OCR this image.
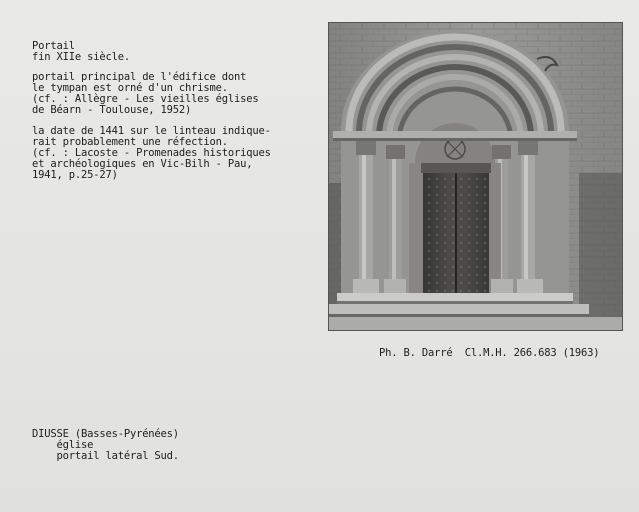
Portail
fin XIIe siècle.
portail principal de l'édifice dont
le tympan est orné d'un chrisme.
(cf. : Allègre - Les vieilles églises
de Béarn - Toulouse, 1952)
la date de 1441 sur le linteau indique-
rait probablement une réfection.
(cf. : Lacoste - Promenades historiques
et archéologiques en Vic-Bilh - Pau,
1941, p.25-27)
Ph. B. Darré  Cl.M.H. 266.683 (1963)
DIUSSE (Basses-Pyrénées)
église
portail latéral Sud.
